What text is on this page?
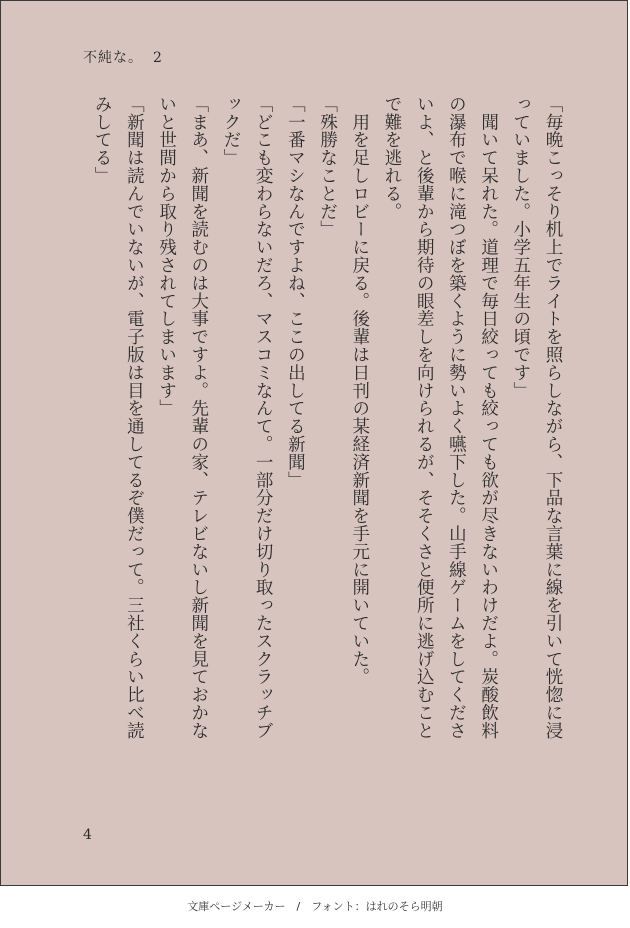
不純な。 2
「毎晩こっそり机上でライトを照らしながら、下品な言葉に線を引いて恍惚に浸
っていました。小学五年生の頃です」
　聞いて呆れた。道理で毎日絞っても絞っても欲が尽きないわけだよ。炭酸飲料
の瀑布で喉に滝つぼを築くように勢いよく嚥下した。山手線ゲームをしてくださ
いよ、と後輩から期待の眼差しを向けられるが、そそくさと便所に逃げ込むこと
で難を逃れる。
　用を足しロビーに戻る。後輩は日刊の某経済新聞を手元に開いていた。
「殊勝なことだ」
「一番マシなんですよね、ここの出してる新聞」
「どこも変わらないだろ、マスコミなんて。一部分だけ切り取ったスクラッチブ
ックだ」
「まあ、新聞を読むのは大事ですよ。先輩の家、テレビないし新聞を見ておかな
いと世間から取り残されてしまいます」
「新聞は読んでいないが、電子版は目を通してるぞ僕だって。三社くらい比べ読
みしてる」
4
文庫ページメーカー　/　フォント：はれのそら明朝
